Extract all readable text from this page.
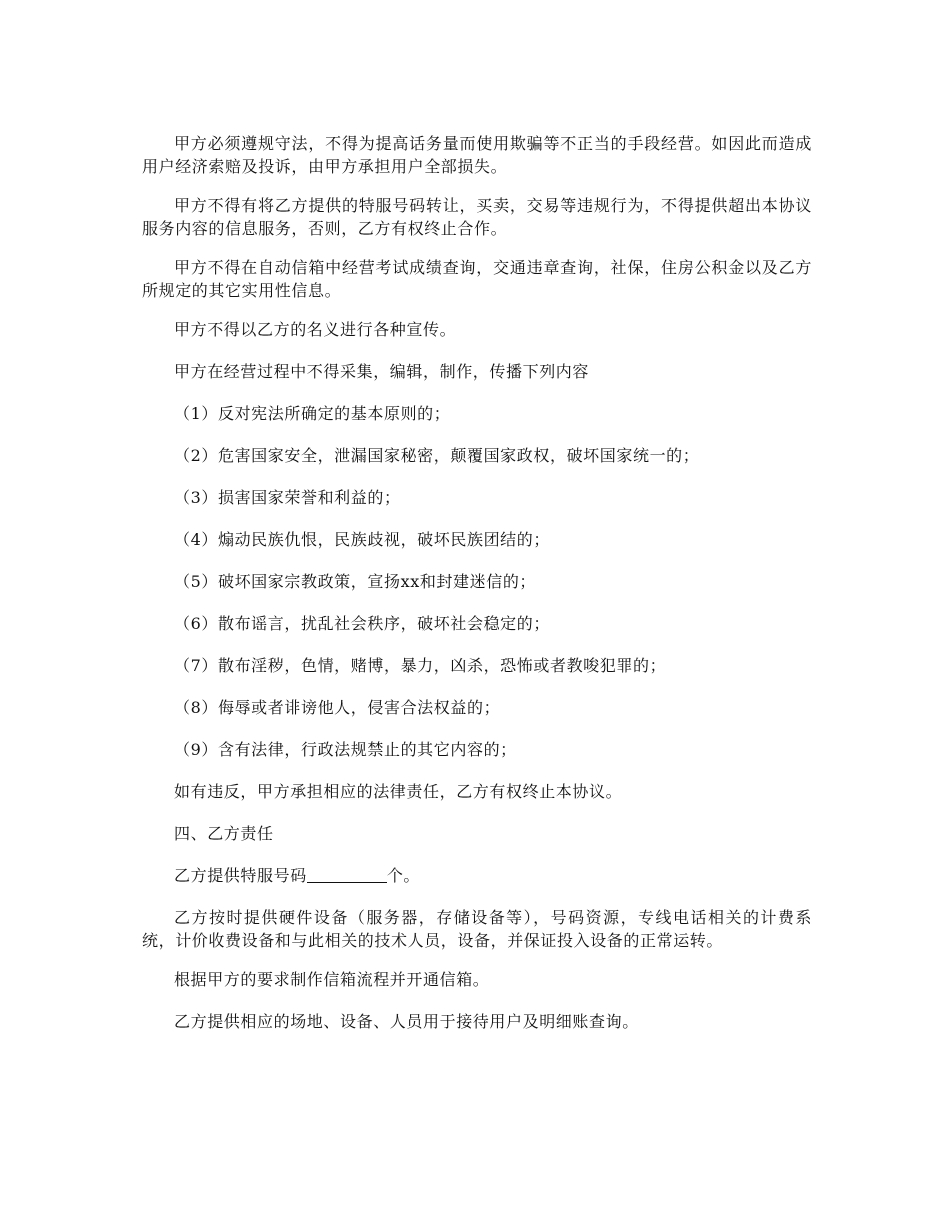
甲方必须遵规守法，不得为提高话务量而使用欺骗等不正当的手段经营。如因此而造成用户经济索赔及投诉，由甲方承担用户全部损失。

甲方不得有将乙方提供的特服号码转让，买卖，交易等违规行为，不得提供超出本协议服务内容的信息服务，否则，乙方有权终止合作。

甲方不得在自动信箱中经营考试成绩查询，交通违章查询，社保，住房公积金以及乙方所规定的其它实用性信息。

甲方不得以乙方的名义进行各种宣传。

甲方在经营过程中不得采集，编辑，制作，传播下列内容

（1）反对宪法所确定的基本原则的；
（2）危害国家安全，泄漏国家秘密，颠覆国家政权，破坏国家统一的；
（3）损害国家荣誉和利益的；
（4）煽动民族仇恨，民族歧视，破坏民族团结的；
（5）破坏国家宗教政策，宣扬xx和封建迷信的；
（6）散布谣言，扰乱社会秩序，破坏社会稳定的；
（7）散布淫秽，色情，赌博，暴力，凶杀，恐怖或者教唆犯罪的；
（8）侮辱或者诽谤他人，侵害合法权益的；
（9）含有法律，行政法规禁止的其它内容的；

如有违反，甲方承担相应的法律责任，乙方有权终止本协议。

四、乙方责任

乙方提供特服号码	个。

乙方按时提供硬件设备（服务器，存储设备等），号码资源，专线电话相关的计费系统，计价收费设备和与此相关的技术人员，设备，并保证投入设备的正常运转。

根据甲方的要求制作信箱流程并开通信箱。

乙方提供相应的场地、设备、人员用于接待用户及明细账查询。
